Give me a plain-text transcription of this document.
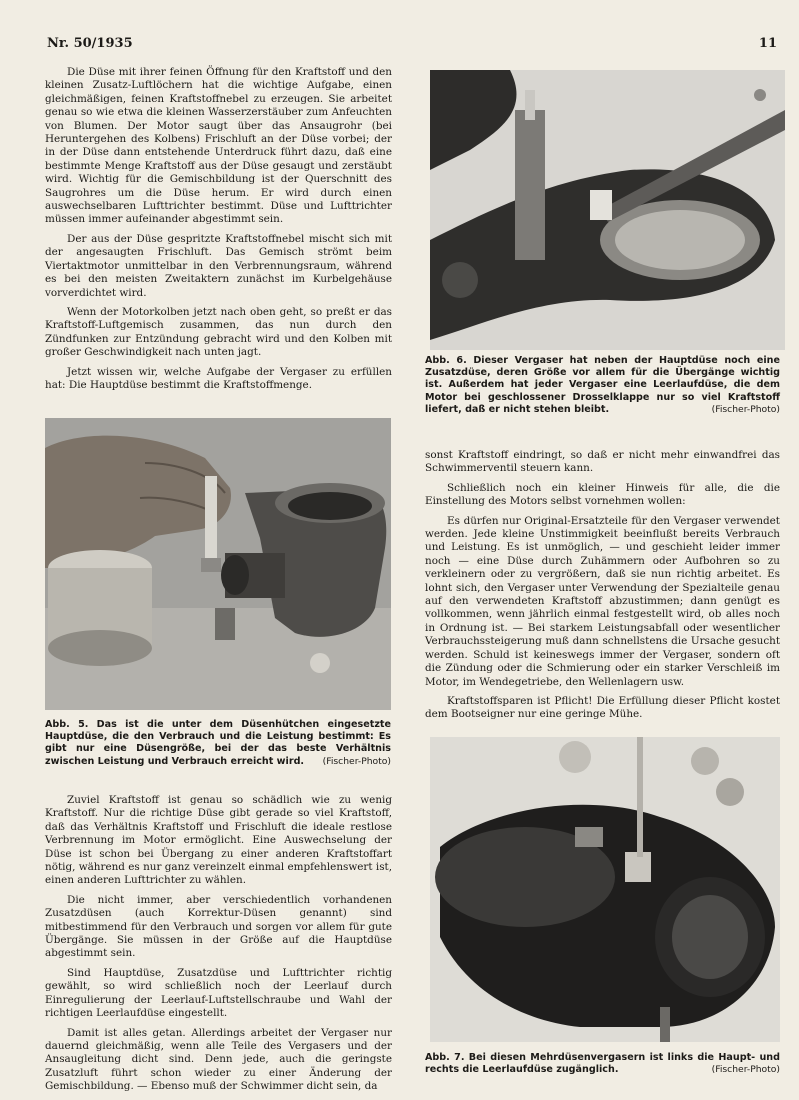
Nr. 50/1935	11

Die Düse mit ihrer feinen Öffnung für den Kraftstoff und den kleinen Zusatz-Luftlöchern hat die wichtige Aufgabe, einen gleichmäßigen, feinen Kraftstoffnebel zu erzeugen. Sie arbeitet genau so wie etwa die kleinen Wasserzerstäuber zum Anfeuchten von Blumen. Der Motor saugt über das Ansaugrohr (bei Heruntergehen des Kolbens) Frischluft an der Düse vorbei; der in der Düse dann entstehende Unterdruck führt dazu, daß eine bestimmte Menge Kraftstoff aus der Düse gesaugt und zerstäubt wird. Wichtig für die Gemischbildung ist der Querschnitt des Saugrohres um die Düse herum. Er wird durch einen auswechselbaren Lufttrichter bestimmt. Düse und Lufttrichter müssen immer aufeinander abgestimmt sein.

Der aus der Düse gespritzte Kraftstoffnebel mischt sich mit der angesaugten Frischluft. Das Gemisch strömt beim Viertaktmotor unmittelbar in den Verbrennungsraum, während es bei den meisten Zweitaktern zunächst im Kurbelgehäuse vorverdichtet wird.

Wenn der Motorkolben jetzt nach oben geht, so preßt er das Kraftstoff-Luftgemisch zusammen, das nun durch den Zündfunken zur Entzündung gebracht wird und den Kolben mit großer Geschwindigkeit nach unten jagt.

Jetzt wissen wir, welche Aufgabe der Vergaser zu erfüllen hat: Die Hauptdüse bestimmt die Kraftstoffmenge.

Abb. 5. Das ist die unter dem Düsenhütchen eingesetzte Hauptdüse, die den Verbrauch und die Leistung bestimmt: Es gibt nur eine Düsengröße, bei der das beste Verhältnis zwischen Leistung und Verbrauch erreicht wird. (Fischer-Photo)

Zuviel Kraftstoff ist genau so schädlich wie zu wenig Kraftstoff. Nur die richtige Düse gibt gerade so viel Kraftstoff, daß das Verhältnis Kraftstoff und Frischluft die ideale restlose Verbrennung im Motor ermöglicht. Eine Auswechselung der Düse ist schon bei Übergang zu einer anderen Kraftstoffart nötig, während es nur ganz vereinzelt einmal empfehlenswert ist, einen anderen Lufttrichter zu wählen.

Die nicht immer, aber verschiedentlich vorhandenen Zusatzdüsen (auch Korrektur-Düsen genannt) sind mitbestimmend für den Verbrauch und sorgen vor allem für gute Übergänge. Sie müssen in der Größe auf die Hauptdüse abgestimmt sein.

Sind Hauptdüse, Zusatzdüse und Lufttrichter richtig gewählt, so wird schließlich noch der Leerlauf durch Einregulierung der Leerlauf-Luftstellschraube und Wahl der richtigen Leerlaufdüse eingestellt.

Damit ist alles getan. Allerdings arbeitet der Vergaser nur dauernd gleichmäßig, wenn alle Teile des Vergasers und der Ansaugleitung dicht sind. Denn jede, auch die geringste Zusatzluft führt schon wieder zu einer Änderung der Gemischbildung. — Ebenso muß der Schwimmer dicht sein, da

Abb. 6. Dieser Vergaser hat neben der Hauptdüse noch eine Zusatzdüse, deren Größe vor allem für die Übergänge wichtig ist. Außerdem hat jeder Vergaser eine Leerlaufdüse, die dem Motor bei geschlossener Drosselklappe nur so viel Kraftstoff liefert, daß er nicht stehen bleibt.	(Fischer-Photo)

sonst Kraftstoff eindringt, so daß er nicht mehr einwandfrei das Schwimmerventil steuern kann.

Schließlich noch ein kleiner Hinweis für alle, die die Einstellung des Motors selbst vornehmen wollen:

Es dürfen nur Original-Ersatzteile für den Vergaser verwendet werden. Jede kleine Unstimmigkeit beeinflußt bereits Verbrauch und Leistung. Es ist unmöglich, — und geschieht leider immer noch — eine Düse durch Zuhämmern oder Aufbohren so zu verkleinern oder zu vergrößern, daß sie nun richtig arbeitet. Es lohnt sich, den Vergaser unter Verwendung der Spezialteile genau auf den verwendeten Kraftstoff abzustimmen; dann genügt es vollkommen, wenn jährlich einmal festgestellt wird, ob alles noch in Ordnung ist. — Bei starkem Leistungsabfall oder wesentlicher Verbrauchssteigerung muß dann schnellstens die Ursache gesucht werden. Schuld ist keineswegs immer der Vergaser, sondern oft die Zündung oder die Schmierung oder ein starker Verschleiß im Motor, im Wendegetriebe, den Wellenlagern usw.

Kraftstoffsparen ist Pflicht! Die Erfüllung dieser Pflicht kostet dem Bootseigner nur eine geringe Mühe.

Abb. 7. Bei diesen Mehrdüsenvergasern ist links die Haupt- und rechts die Leerlaufdüse zugänglich.	(Fischer-Photo)
